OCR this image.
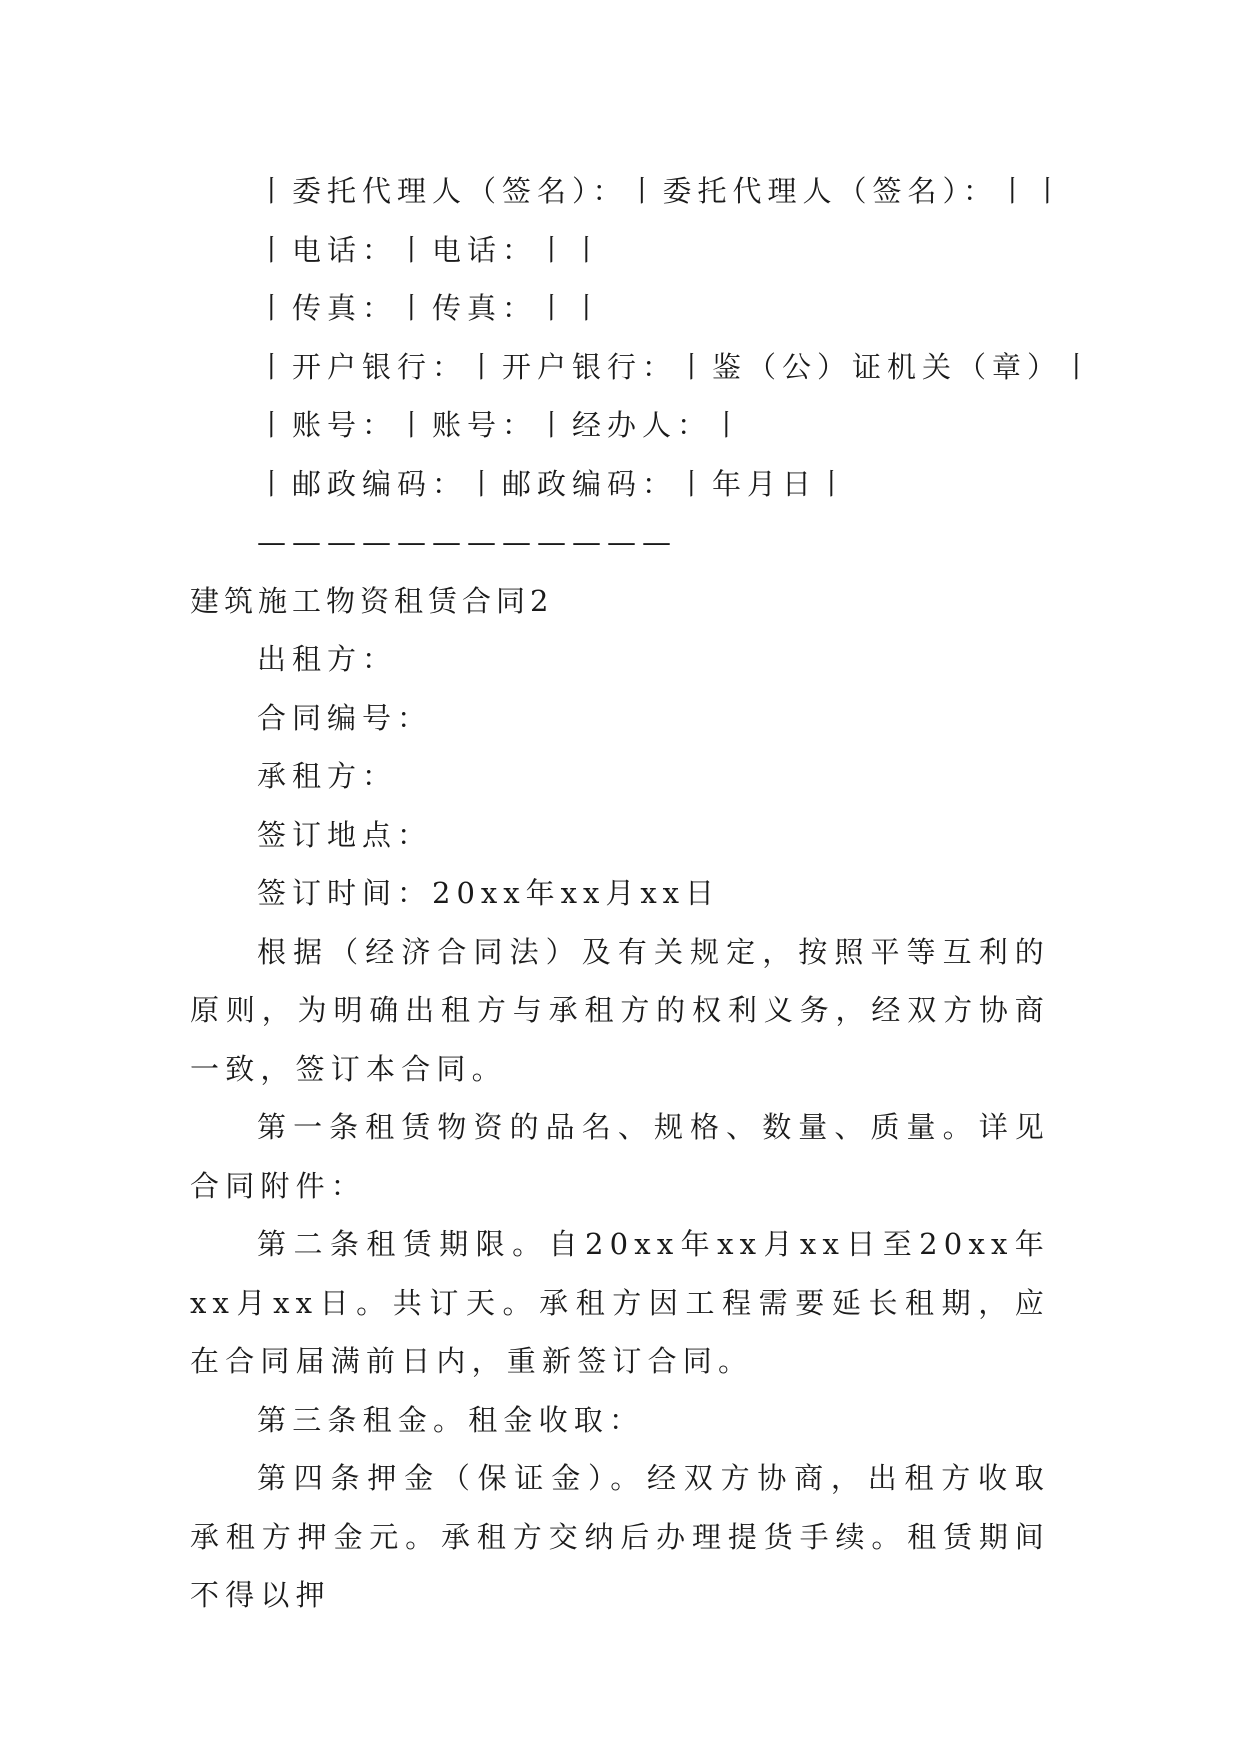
丨委托代理人（签名）：丨委托代理人（签名）：丨丨

丨电话：丨电话：丨丨

丨传真：丨传真：丨丨

丨开户银行：丨开户银行：丨鉴（公）证机关（章）丨

丨账号：丨账号：丨经办人：丨

丨邮政编码：丨邮政编码：丨年月日丨

————————————

建筑施工物资租赁合同2

出租方：

合同编号：

承租方：

签订地点：

签订时间：20xx年xx月xx日

根据（经济合同法）及有关规定，按照平等互利的原则，为明确出租方与承租方的权利义务，经双方协商一致，签订本合同。

第一条租赁物资的品名、规格、数量、质量。详见合同附件：

第二条租赁期限。自20xx年xx月xx日至20xx年xx月xx日。共订天。承租方因工程需要延长租期，应在合同届满前日内，重新签订合同。

第三条租金。租金收取：

第四条押金（保证金）。经双方协商，出租方收取承租方押金元。承租方交纳后办理提货手续。租赁期间不得以押
